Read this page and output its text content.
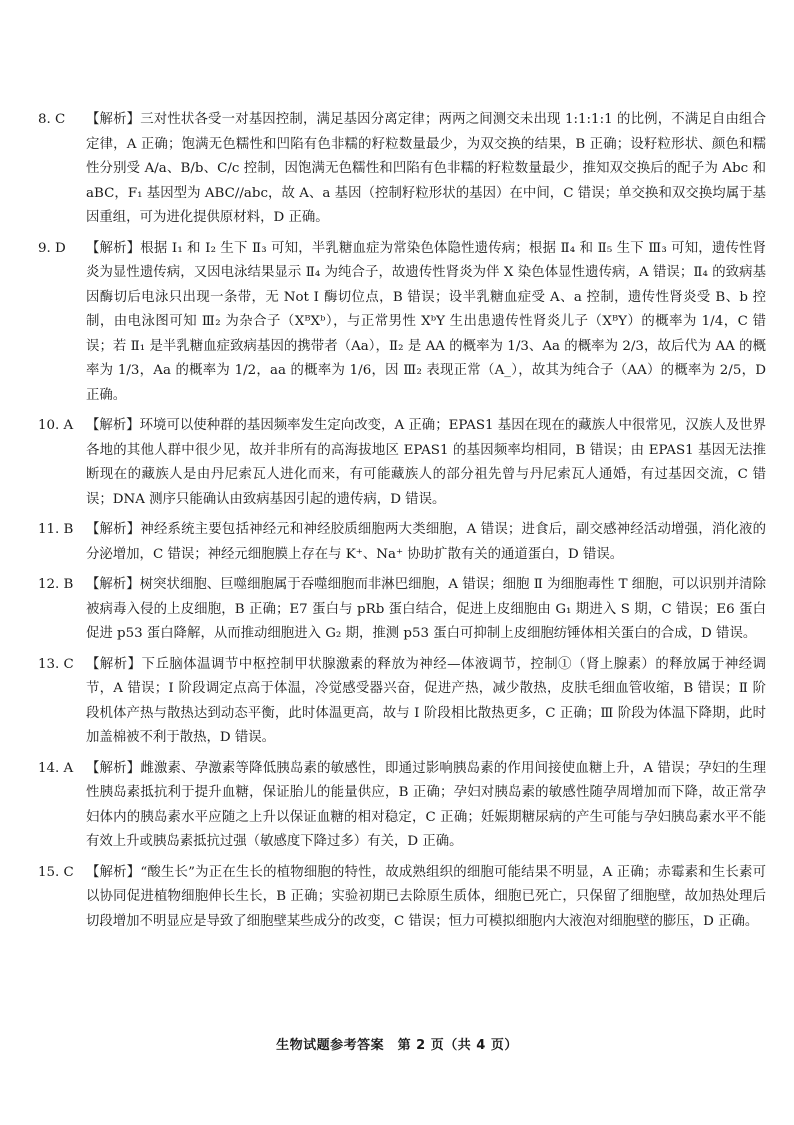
8. C	【解析】三对性状各受一对基因控制，满足基因分离定律；两两之间测交未出现 1:1:1:1 的比例，不满足自由组合定律，A 正确；饱满无色糯性和凹陷有色非糯的籽粒数量最少，为双交换的结果，B 正确；设籽粒形状、颜色和糯性分别受 A/a、B/b、C/c 控制，因饱满无色糯性和凹陷有色非糯的籽粒数量最少，推知双交换后的配子为 Abc 和 aBC，F₁ 基因型为 ABC//abc，故 A、a 基因（控制籽粒形状的基因）在中间，C 错误；单交换和双交换均属于基因重组，可为进化提供原材料，D 正确。
9. D	【解析】根据 Ⅰ₁ 和 Ⅰ₂ 生下 Ⅱ₃ 可知，半乳糖血症为常染色体隐性遗传病；根据 Ⅱ₄ 和 Ⅱ₅ 生下 Ⅲ₃ 可知，遗传性肾炎为显性遗传病，又因电泳结果显示 Ⅱ₄ 为纯合子，故遗传性肾炎为伴 X 染色体显性遗传病，A 错误；Ⅱ₄ 的致病基因酶切后电泳只出现一条带，无 Not Ⅰ 酶切位点，B 错误；设半乳糖血症受 A、a 控制，遗传性肾炎受 B、b 控制，由电泳图可知 Ⅲ₂ 为杂合子（XᴮXᵇ），与正常男性 XᵇY 生出患遗传性肾炎儿子（XᴮY）的概率为 1/4，C 错误；若 Ⅱ₁ 是半乳糖血症致病基因的携带者（Aa），Ⅱ₂ 是 AA 的概率为 1/3、Aa 的概率为 2/3，故后代为 AA 的概率为 1/3，Aa 的概率为 1/2，aa 的概率为 1/6，因 Ⅲ₂ 表现正常（A_），故其为纯合子（AA）的概率为 2/5，D 正确。
10. A 【解析】环境可以使种群的基因频率发生定向改变，A 正确；EPAS1 基因在现在的藏族人中很常见，汉族人及世界各地的其他人群中很少见，故并非所有的高海拔地区 EPAS1 的基因频率均相同，B 错误；由 EPAS1 基因无法推断现在的藏族人是由丹尼索瓦人进化而来，有可能藏族人的部分祖先曾与丹尼索瓦人通婚，有过基因交流，C 错误；DNA 测序只能确认由致病基因引起的遗传病，D 错误。
11. B 【解析】神经系统主要包括神经元和神经胶质细胞两大类细胞，A 错误；进食后，副交感神经活动增强，消化液的分泌增加，C 错误；神经元细胞膜上存在与 K⁺、Na⁺ 协助扩散有关的通道蛋白，D 错误。
12. B 【解析】树突状细胞、巨噬细胞属于吞噬细胞而非淋巴细胞，A 错误；细胞 Ⅱ 为细胞毒性 T 细胞，可以识别并清除被病毒入侵的上皮细胞，B 正确；E7 蛋白与 pRb 蛋白结合，促进上皮细胞由 G₁ 期进入 S 期，C 错误；E6 蛋白促进 p53 蛋白降解，从而推动细胞进入 G₂ 期，推测 p53 蛋白可抑制上皮细胞纺锤体相关蛋白的合成，D 错误。
13. C 【解析】下丘脑体温调节中枢控制甲状腺激素的释放为神经—体液调节，控制①（肾上腺素）的释放属于神经调节，A 错误；Ⅰ 阶段调定点高于体温，冷觉感受器兴奋，促进产热，减少散热，皮肤毛细血管收缩，B 错误；Ⅱ 阶段机体产热与散热达到动态平衡，此时体温更高，故与 Ⅰ 阶段相比散热更多，C 正确；Ⅲ 阶段为体温下降期，此时加盖棉被不利于散热，D 错误。
14. A 【解析】雌激素、孕激素等降低胰岛素的敏感性，即通过影响胰岛素的作用间接使血糖上升，A 错误；孕妇的生理性胰岛素抵抗利于提升血糖，保证胎儿的能量供应，B 正确；孕妇对胰岛素的敏感性随孕周增加而下降，故正常孕妇体内的胰岛素水平应随之上升以保证血糖的相对稳定，C 正确；妊娠期糖尿病的产生可能与孕妇胰岛素水平不能有效上升或胰岛素抵抗过强（敏感度下降过多）有关，D 正确。
15. C 【解析】“酸生长”为正在生长的植物细胞的特性，故成熟组织的细胞可能结果不明显，A 正确；赤霉素和生长素可以协同促进植物细胞伸长生长，B 正确；实验初期已去除原生质体，细胞已死亡，只保留了细胞壁，故加热处理后切段增加不明显应是导致了细胞壁某些成分的改变，C 错误；恒力可模拟细胞内大液泡对细胞壁的膨压，D 正确。
生物试题参考答案　第 2 页（共 4 页）
